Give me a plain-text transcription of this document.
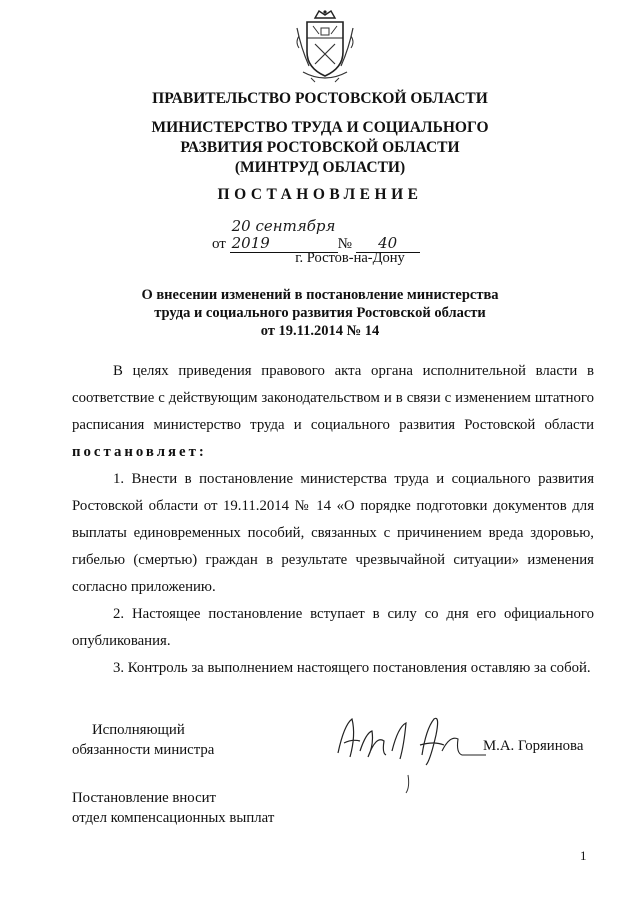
ПРАВИТЕЛЬСТВО РОСТОВСКОЙ ОБЛАСТИ
МИНИСТЕРСТВО ТРУДА И СОЦИАЛЬНОГО
РАЗВИТИЯ РОСТОВСКОЙ ОБЛАСТИ
(МИНТРУД ОБЛАСТИ)
ПОСТАНОВЛЕНИЕ
от 20 сентября 2019	№ 40
г. Ростов-на-Дону
О внесении изменений в постановление министерства
труда и социального развития Ростовской области
от 19.11.2014 № 14

В целях приведения правового акта органа исполнительной власти в соответствие с действующим законодательством и в связи с изменением штатного расписания министерство труда и социального развития Ростовской области постановляет:

1. Внести в постановление министерства труда и социального развития Ростовской области от 19.11.2014 № 14 «О порядке подготовки документов для выплаты единовременных пособий, связанных с причинением вреда здоровью, гибелью (смертью) граждан в результате чрезвычайной ситуации» изменения согласно приложению.

2. Настоящее постановление вступает в силу со дня его официального опубликования.

3. Контроль за выполнением настоящего постановления оставляю за собой.

Исполняющий
обязанности министра	М.А. Горяинова
Постановление вносит
отдел компенсационных выплат
1
